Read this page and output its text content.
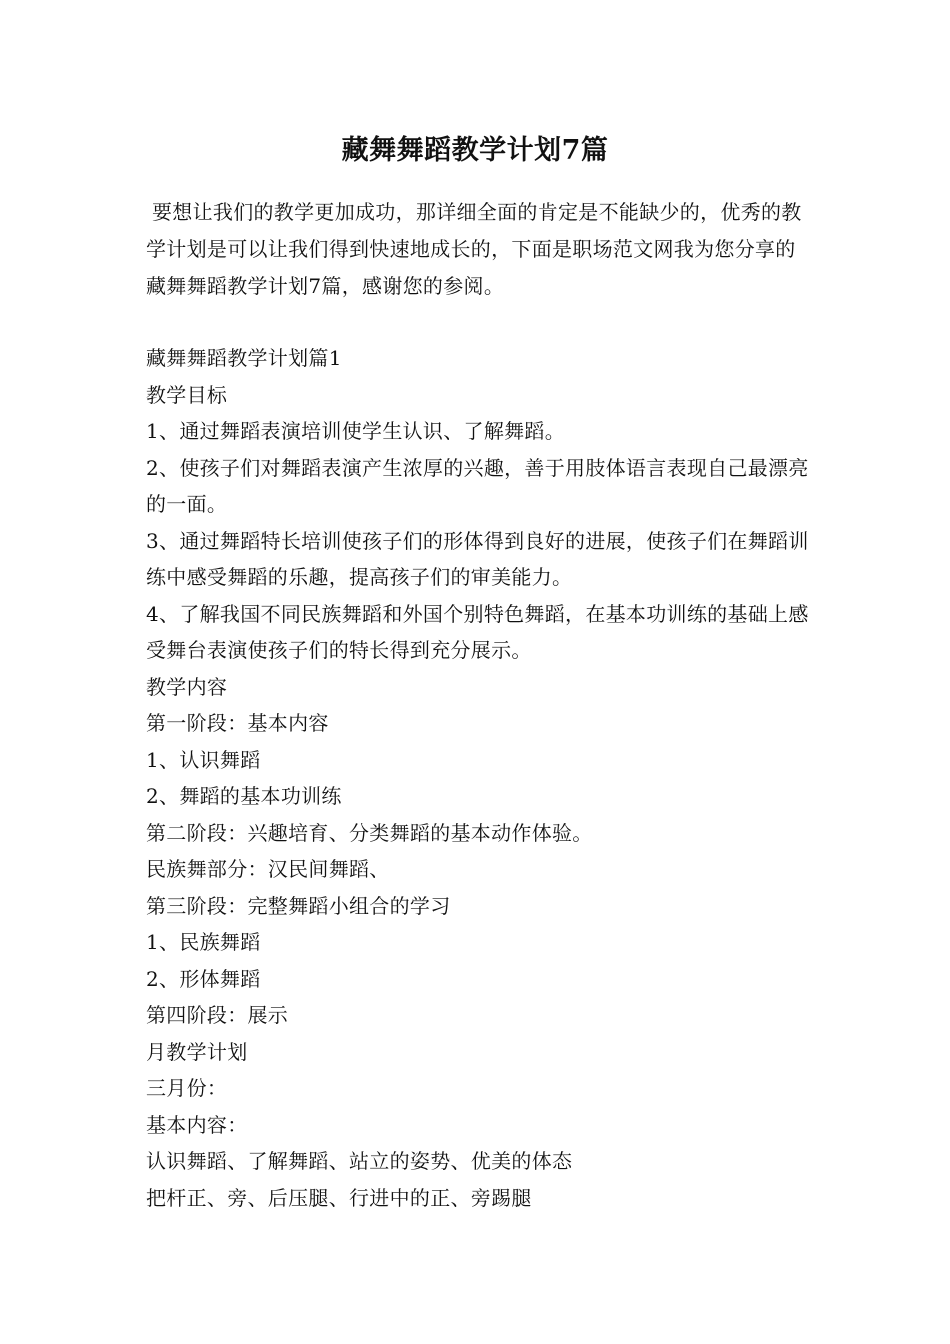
藏舞舞蹈教学计划7篇

要想让我们的教学更加成功，那详细全面的肯定是不能缺少的，优秀的教学计划是可以让我们得到快速地成长的，下面是职场范文网我为您分享的藏舞舞蹈教学计划7篇，感谢您的参阅。

藏舞舞蹈教学计划篇1

教学目标

1、通过舞蹈表演培训使学生认识、了解舞蹈。

2、使孩子们对舞蹈表演产生浓厚的兴趣，善于用肢体语言表现自己最漂亮的一面。

3、通过舞蹈特长培训使孩子们的形体得到良好的进展，使孩子们在舞蹈训练中感受舞蹈的乐趣，提高孩子们的审美能力。

4、了解我国不同民族舞蹈和外国个别特色舞蹈，在基本功训练的基础上感受舞台表演使孩子们的特长得到充分展示。

教学内容

第一阶段：基本内容

1、认识舞蹈

2、舞蹈的基本功训练

第二阶段：兴趣培育、分类舞蹈的基本动作体验。

民族舞部分：汉民间舞蹈、

第三阶段：完整舞蹈小组合的学习

1、民族舞蹈

2、形体舞蹈

第四阶段：展示

月教学计划

三月份：

基本内容：

认识舞蹈、了解舞蹈、站立的姿势、优美的体态

把杆正、旁、后压腿、行进中的正、旁踢腿
